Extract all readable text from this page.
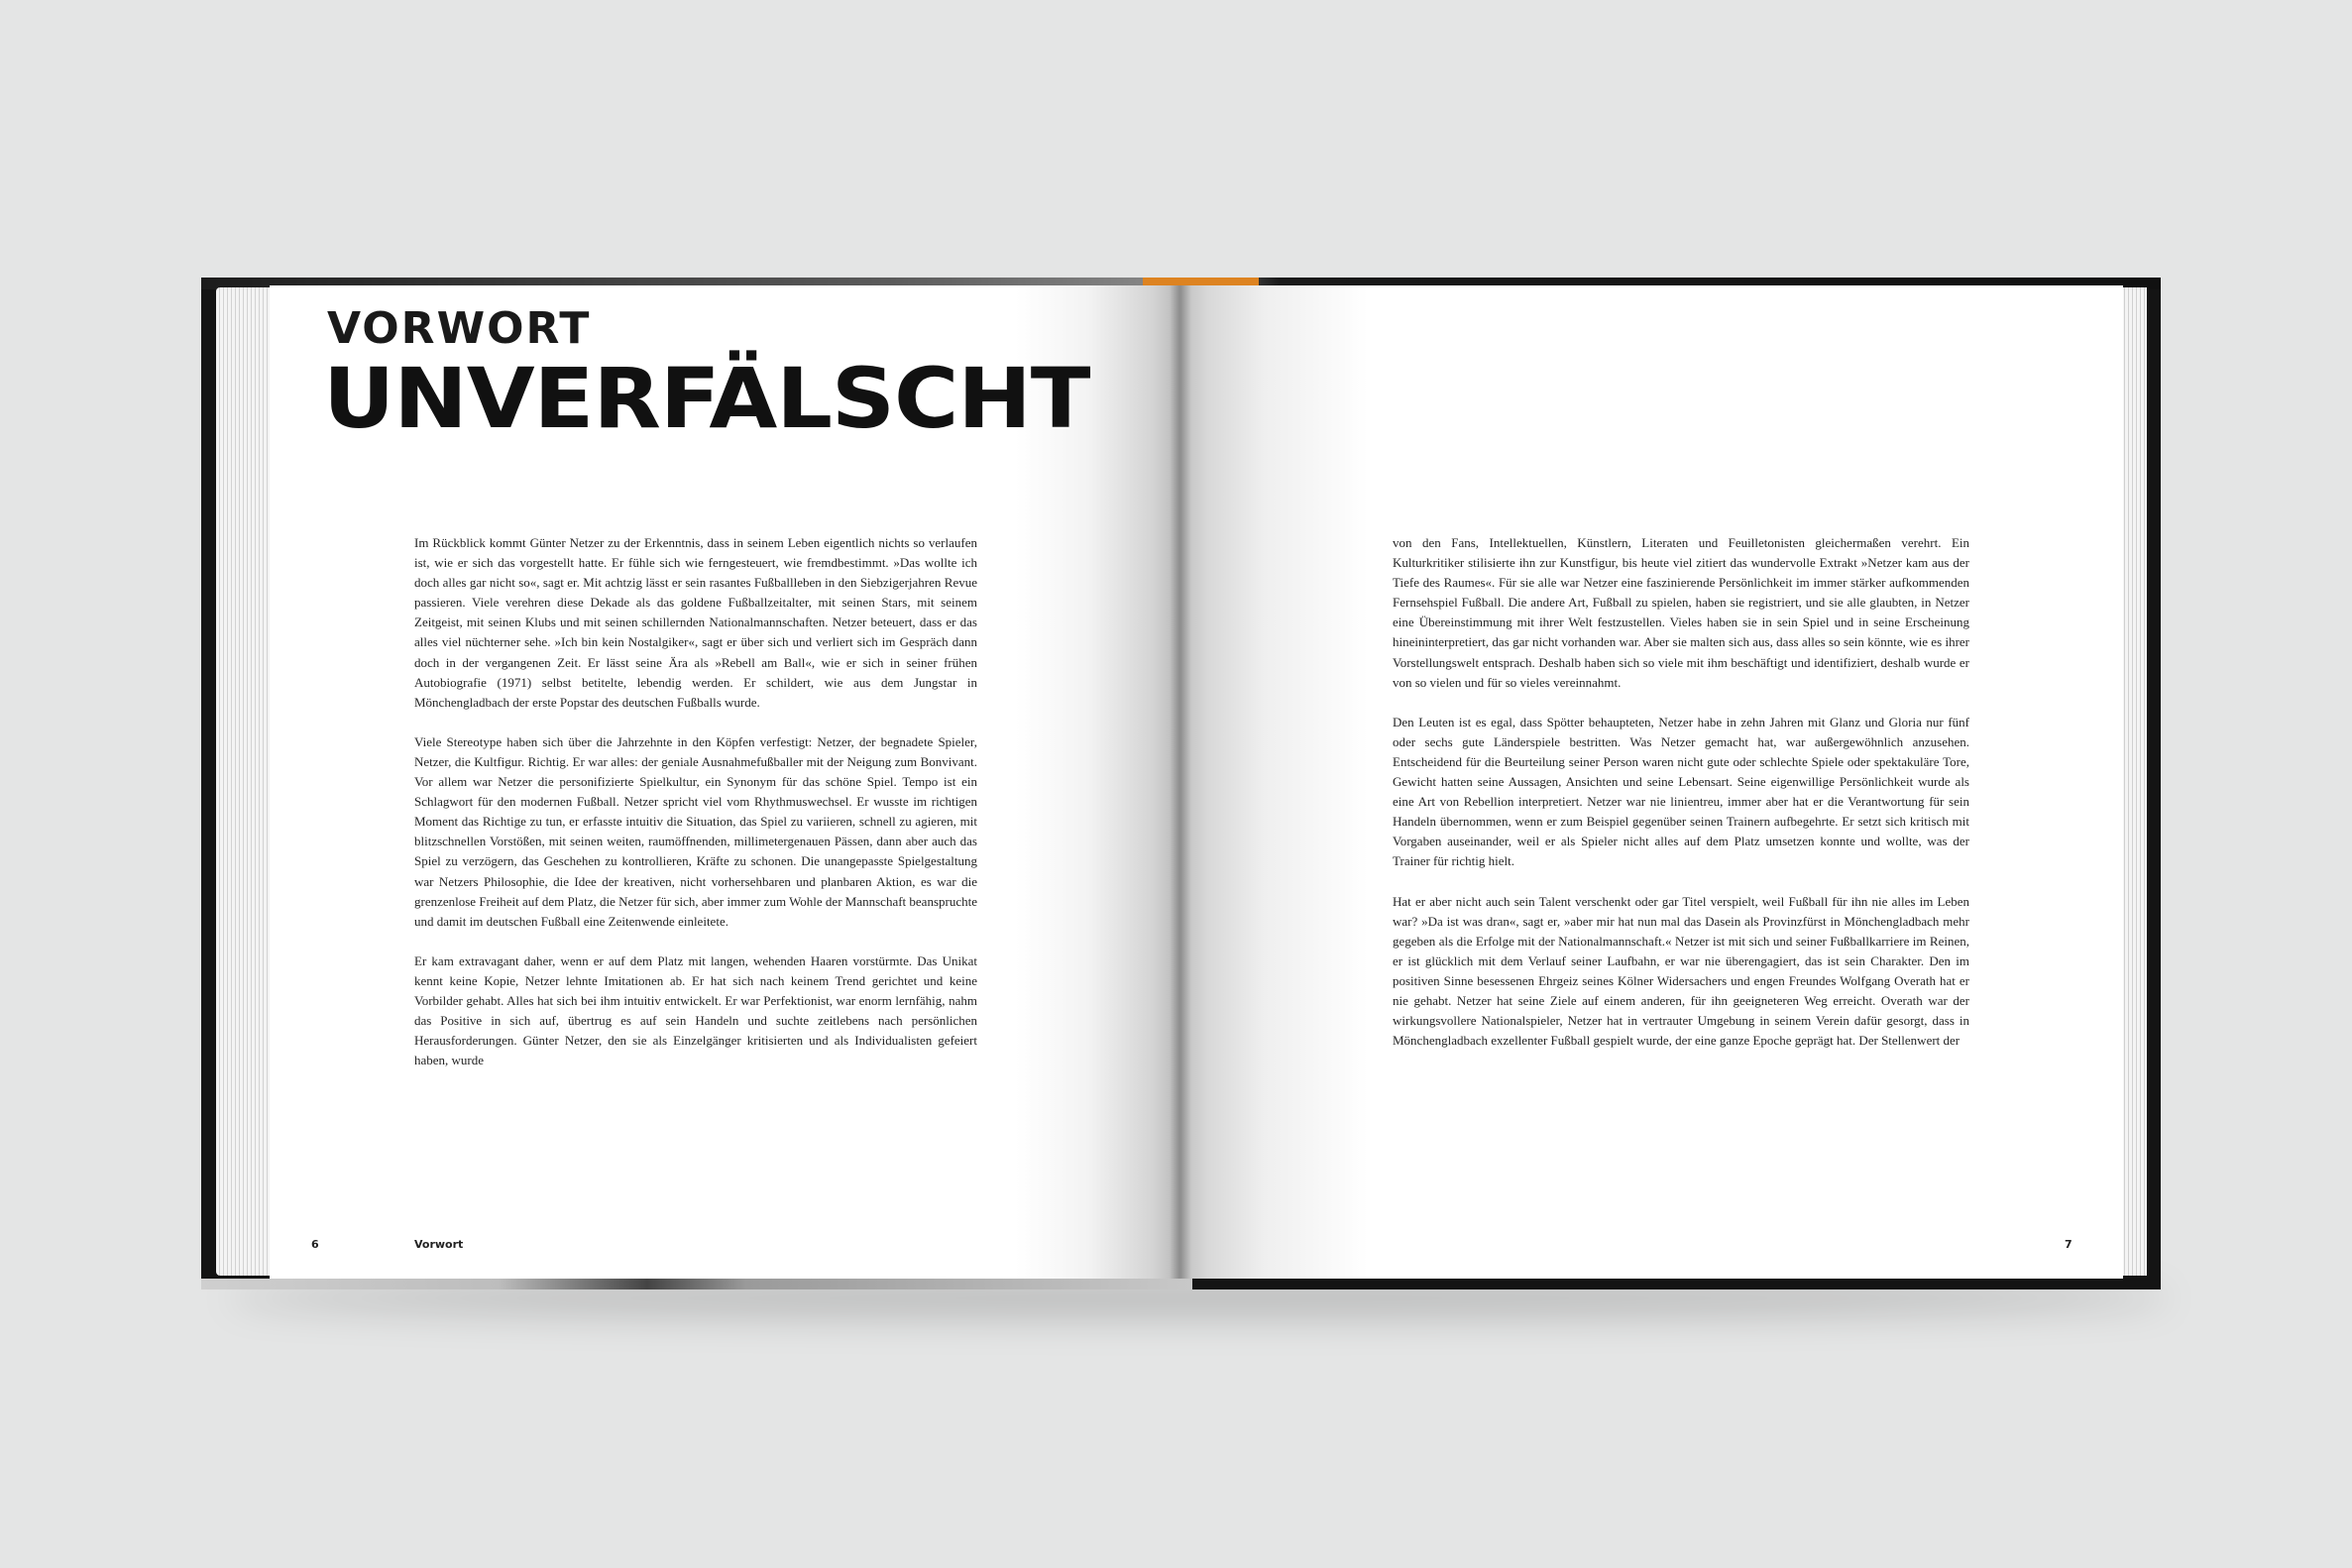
VORWORT
UNVERFÄLSCHT

Im Rückblick kommt Günter Netzer zu der Erkenntnis, dass in seinem Leben eigentlich nichts so verlaufen ist, wie er sich das vorgestellt hatte. Er fühle sich wie ferngesteuert, wie fremdbestimmt. »Das wollte ich doch alles gar nicht so«, sagt er. Mit achtzig lässt er sein rasantes Fußballleben in den Siebzigerjahren Revue passieren. Viele verehren diese Dekade als das goldene Fußballzeitalter, mit seinen Stars, mit seinem Zeitgeist, mit seinen Klubs und mit seinen schillernden Nationalmannschaften. Netzer beteuert, dass er das alles viel nüchterner sehe. »Ich bin kein Nostalgiker«, sagt er über sich und verliert sich im Gespräch dann doch in der vergangenen Zeit. Er lässt seine Ära als »Rebell am Ball«, wie er sich in seiner frühen Autobiografie (1971) selbst betitelte, lebendig werden. Er schildert, wie aus dem Jungstar in Mönchengladbach der erste Popstar des deutschen Fußballs wurde.

Viele Stereotype haben sich über die Jahrzehnte in den Köpfen verfestigt: Netzer, der begnadete Spieler, Netzer, die Kultfigur. Richtig. Er war alles: der geniale Ausnahmefußballer mit der Neigung zum Bonvivant. Vor allem war Netzer die personifizierte Spielkultur, ein Synonym für das schöne Spiel. Tempo ist ein Schlagwort für den modernen Fußball. Netzer spricht viel vom Rhythmuswechsel. Er wusste im richtigen Moment das Richtige zu tun, er erfasste intuitiv die Situation, das Spiel zu variieren, schnell zu agieren, mit blitzschnellen Vorstößen, mit seinen weiten, raumöffnenden, millimetergenauen Pässen, dann aber auch das Spiel zu verzögern, das Geschehen zu kontrollieren, Kräfte zu schonen. Die unangepasste Spielgestaltung war Netzers Philosophie, die Idee der kreativen, nicht vorhersehbaren und planbaren Aktion, es war die grenzenlose Freiheit auf dem Platz, die Netzer für sich, aber immer zum Wohle der Mannschaft beanspruchte und damit im deutschen Fußball eine Zeitenwende einleitete.

Er kam extravagant daher, wenn er auf dem Platz mit langen, wehenden Haaren vorstürmte. Das Unikat kennt keine Kopie, Netzer lehnte Imitationen ab. Er hat sich nach keinem Trend gerichtet und keine Vorbilder gehabt. Alles hat sich bei ihm intuitiv entwickelt. Er war Perfektionist, war enorm lernfähig, nahm das Positive in sich auf, übertrug es auf sein Handeln und suchte zeitlebens nach persönlichen Herausforderungen. Günter Netzer, den sie als Einzelgänger kritisierten und als Individualisten gefeiert haben, wurde

von den Fans, Intellektuellen, Künstlern, Literaten und Feuilletonisten gleichermaßen verehrt. Ein Kulturkritiker stilisierte ihn zur Kunstfigur, bis heute viel zitiert das wundervolle Extrakt »Netzer kam aus der Tiefe des Raumes«. Für sie alle war Netzer eine faszinierende Persönlichkeit im immer stärker aufkommenden Fernsehspiel Fußball. Die andere Art, Fußball zu spielen, haben sie registriert, und sie alle glaubten, in Netzer eine Übereinstimmung mit ihrer Welt festzustellen. Vieles haben sie in sein Spiel und in seine Erscheinung hineininterpretiert, das gar nicht vorhanden war. Aber sie malten sich aus, dass alles so sein könnte, wie es ihrer Vorstellungswelt entsprach. Deshalb haben sich so viele mit ihm beschäftigt und identifiziert, deshalb wurde er von so vielen und für so vieles vereinnahmt.

Den Leuten ist es egal, dass Spötter behaupteten, Netzer habe in zehn Jahren mit Glanz und Gloria nur fünf oder sechs gute Länderspiele bestritten. Was Netzer gemacht hat, war außergewöhnlich anzusehen. Entscheidend für die Beurteilung seiner Person waren nicht gute oder schlechte Spiele oder spektakuläre Tore, Gewicht hatten seine Aussagen, Ansichten und seine Lebensart. Seine eigenwillige Persönlichkeit wurde als eine Art von Rebellion interpretiert. Netzer war nie linientreu, immer aber hat er die Verantwortung für sein Handeln übernommen, wenn er zum Beispiel gegenüber seinen Trainern aufbegehrte. Er setzt sich kritisch mit Vorgaben auseinander, weil er als Spieler nicht alles auf dem Platz umsetzen konnte und wollte, was der Trainer für richtig hielt.

Hat er aber nicht auch sein Talent verschenkt oder gar Titel verspielt, weil Fußball für ihn nie alles im Leben war? »Da ist was dran«, sagt er, »aber mir hat nun mal das Dasein als Provinzfürst in Mönchengladbach mehr gegeben als die Erfolge mit der Nationalmannschaft.« Netzer ist mit sich und seiner Fußballkarriere im Reinen, er ist glücklich mit dem Verlauf seiner Laufbahn, er war nie überengagiert, das ist sein Charakter. Den im positiven Sinne besessenen Ehrgeiz seines Kölner Widersachers und engen Freundes Wolfgang Overath hat er nie gehabt. Netzer hat seine Ziele auf einem anderen, für ihn geeigneteren Weg erreicht. Overath war der wirkungsvollere Nationalspieler, Netzer hat in vertrauter Umgebung in seinem Verein dafür gesorgt, dass in Mönchengladbach exzellenter Fußball gespielt wurde, der eine ganze Epoche geprägt hat. Der Stellenwert der

6	Vorwort	7
